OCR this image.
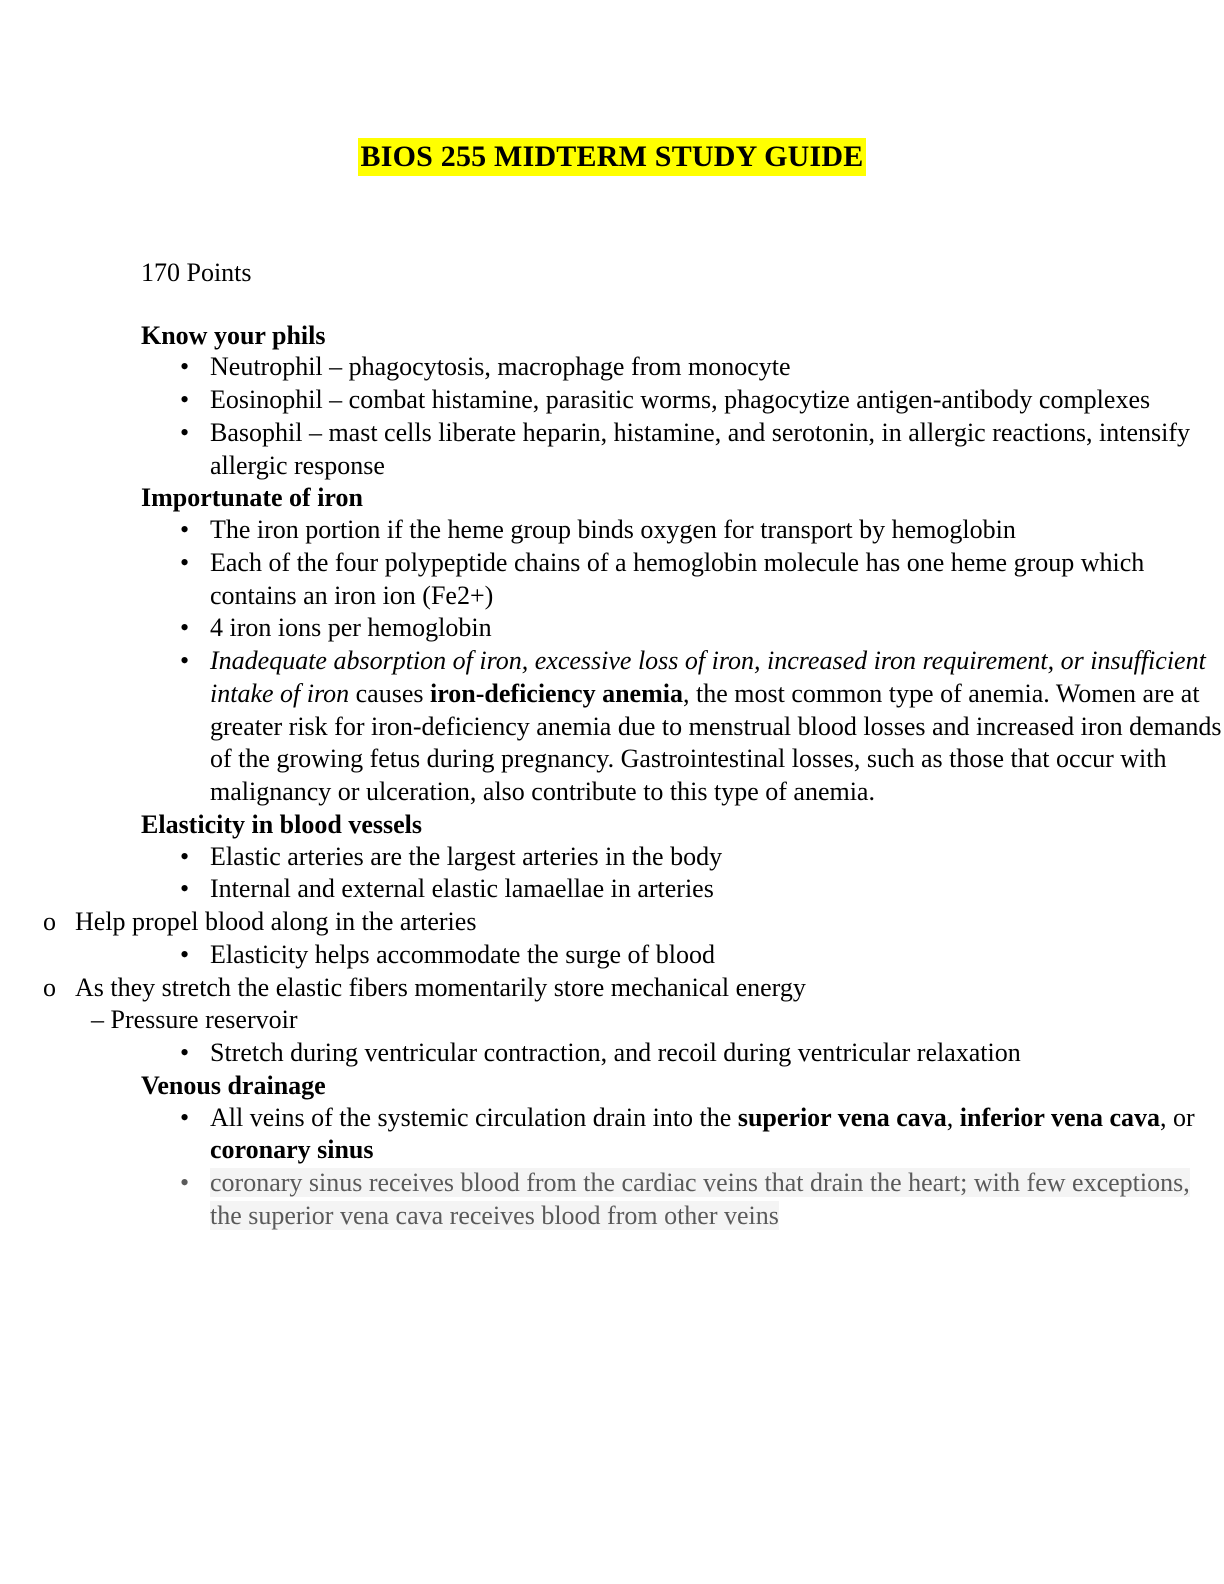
BIOS 255 MIDTERM STUDY GUIDE

170 Points

Know your phils
• Neutrophil – phagocytosis, macrophage from monocyte
• Eosinophil – combat histamine, parasitic worms, phagocytize antigen-antibody complexes
• Basophil – mast cells liberate heparin, histamine, and serotonin, in allergic reactions, intensify allergic response
Importunate of iron
• The iron portion if the heme group binds oxygen for transport by hemoglobin
• Each of the four polypeptide chains of a hemoglobin molecule has one heme group which contains an iron ion (Fe2+)
• 4 iron ions per hemoglobin
• Inadequate absorption of iron, excessive loss of iron, increased iron requirement, or insufficient intake of iron causes iron-deficiency anemia, the most common type of anemia. Women are at greater risk for iron-deficiency anemia due to menstrual blood losses and increased iron demands of the growing fetus during pregnancy. Gastrointestinal losses, such as those that occur with malignancy or ulceration, also contribute to this type of anemia.
Elasticity in blood vessels
• Elastic arteries are the largest arteries in the body
• Internal and external elastic lamaellae in arteries
o Help propel blood along in the arteries
• Elasticity helps accommodate the surge of blood
o As they stretch the elastic fibers momentarily store mechanical energy
– Pressure reservoir
• Stretch during ventricular contraction, and recoil during ventricular relaxation
Venous drainage
• All veins of the systemic circulation drain into the superior vena cava, inferior vena cava, or coronary sinus
• coronary sinus receives blood from the cardiac veins that drain the heart; with few exceptions, the superior vena cava receives blood from other veins
